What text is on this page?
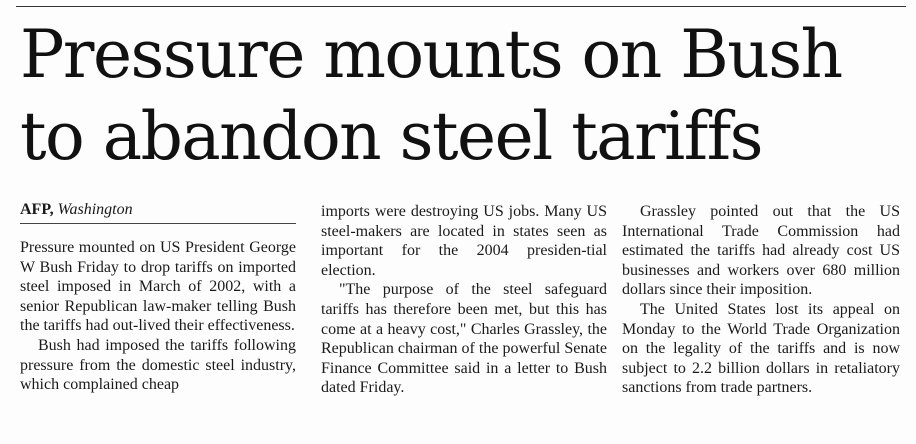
Pressure mounts on Bush
to abandon steel tariffs
AFP, Washington

Pressure mounted on US President George W Bush Friday to drop tariffs on imported steel imposed in March of 2002, with a senior Republican law-maker telling Bush the tariffs had out-lived their effectiveness.

Bush had imposed the tariffs following pressure from the domestic steel industry, which complained cheap

imports were destroying US jobs. Many US steel-makers are located in states seen as important for the 2004 presiden-tial election.

"The purpose of the steel safeguard tariffs has therefore been met, but this has come at a heavy cost," Charles Grassley, the Republican chairman of the powerful Senate Finance Committee said in a letter to Bush dated Friday.

Grassley pointed out that the US International Trade Commission had estimated the tariffs had already cost US businesses and workers over 680 million dollars since their imposition.

The United States lost its appeal on Monday to the World Trade Organization on the legality of the tariffs and is now subject to 2.2 billion dollars in retaliatory sanctions from trade partners.
